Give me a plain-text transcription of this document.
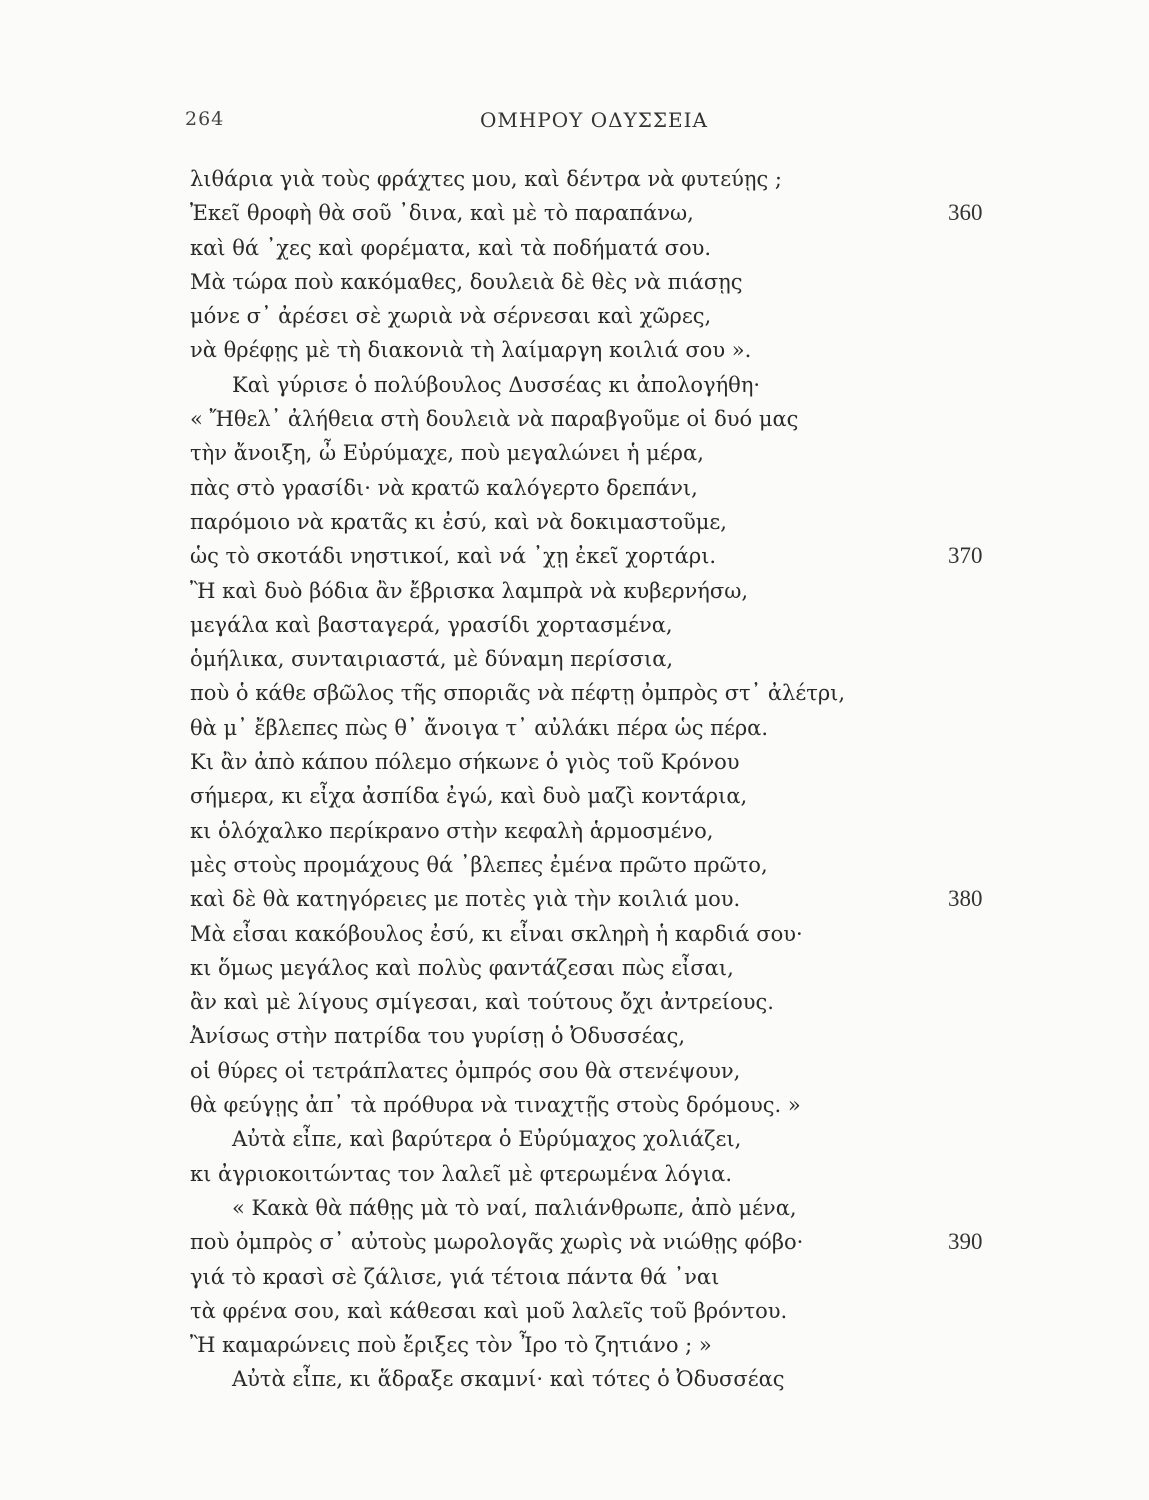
264	ΟΜΗΡΟΥ ΟΔΥΣΣΕΙΑ
λιθάρια γιὰ τοὺς φράχτες μου, καὶ δέντρα νὰ φυτεύῃς ;
Ἐκεῖ θροφὴ θὰ σοῦ ᾿δινα, καὶ μὲ τὸ παραπάνω,	360
καὶ θά ᾿χες καὶ φορέματα, καὶ τὰ ποδήματά σου.
Μὰ τώρα ποὺ κακόμαθες, δουλειὰ δὲ θὲς νὰ πιάσῃς
μόνε σ᾿ ἀρέσει σὲ χωριὰ νὰ σέρνεσαι καὶ χῶρες,
νὰ θρέφῃς μὲ τὴ διακονιὰ τὴ λαίμαργη κοιλιά σου ».
Καὶ γύρισε ὁ πολύβουλος Δυσσέας κι ἀπολογήθη·
« Ἤθελ᾿ ἀλήθεια στὴ δουλειὰ νὰ παραβγοῦμε οἱ δυό μας
τὴν ἄνοιξη, ὦ Εὐρύμαχε, ποὺ μεγαλώνει ἡ μέρα,
πὰς στὸ γρασίδι· νὰ κρατῶ καλόγερτο δρεπάνι,
παρόμοιο νὰ κρατᾶς κι ἐσύ, καὶ νὰ δοκιμαστοῦμε,
ὡς τὸ σκοτάδι νηστικοί, καὶ νά ᾿χῃ ἐκεῖ χορτάρι.	370
Ἢ καὶ δυὸ βόδια ἂν ἔβρισκα λαμπρὰ νὰ κυβερνήσω,
μεγάλα καὶ βασταγερά, γρασίδι χορτασμένα,
ὁμήλικα, συνταιριαστά, μὲ δύναμη περίσσια,
ποὺ ὁ κάθε σβῶλος τῆς σποριᾶς νὰ πέφτῃ ὀμπρὸς στ᾿ ἀλέτρι,
θὰ μ᾿ ἔβλεπες πὼς θ᾿ ἄνοιγα τ᾿ αὐλάκι πέρα ὡς πέρα.
Κι ἂν ἀπὸ κάπου πόλεμο σήκωνε ὁ γιὸς τοῦ Κρόνου
σήμερα, κι εἶχα ἀσπίδα ἐγώ, καὶ δυὸ μαζὶ κοντάρια,
κι ὁλόχαλκο περίκρανο στὴν κεφαλὴ ἁρμοσμένο,
μὲς στοὺς προμάχους θά ᾿βλεπες ἐμένα πρῶτο πρῶτο,
καὶ δὲ θὰ κατηγόρειες με ποτὲς γιὰ τὴν κοιλιά μου.	380
Μὰ εἶσαι κακόβουλος ἐσύ, κι εἶναι σκληρὴ ἡ καρδιά σου·
κι ὅμως μεγάλος καὶ πολὺς φαντάζεσαι πὼς εἶσαι,
ἂν καὶ μὲ λίγους σμίγεσαι, καὶ τούτους ὄχι ἀντρείους.
Ἀνίσως στὴν πατρίδα του γυρίσῃ ὁ Ὀδυσσέας,
οἱ θύρες οἱ τετράπλατες ὀμπρός σου θὰ στενέψουν,
θὰ φεύγῃς ἀπ᾿ τὰ πρόθυρα νὰ τιναχτῇς στοὺς δρόμους. »
Αὐτὰ εἶπε, καὶ βαρύτερα ὁ Εὐρύμαχος χολιάζει,
κι ἀγριοκοιτώντας τον λαλεῖ μὲ φτερωμένα λόγια.
« Κακὰ θὰ πάθῃς μὰ τὸ ναί, παλιάνθρωπε, ἀπὸ μένα,
ποὺ ὀμπρὸς σ᾿ αὐτοὺς μωρολογᾶς χωρὶς νὰ νιώθῃς φόβο·	390
γιά τὸ κρασὶ σὲ ζάλισε, γιά τέτοια πάντα θά ᾿ναι
τὰ φρένα σου, καὶ κάθεσαι καὶ μοῦ λαλεῖς τοῦ βρόντου.
Ἢ καμαρώνεις ποὺ ἔριξες τὸν Ἶρο τὸ ζητιάνο ; »
Αὐτὰ εἶπε, κι ἅδραξε σκαμνί· καὶ τότες ὁ Ὀδυσσέας
